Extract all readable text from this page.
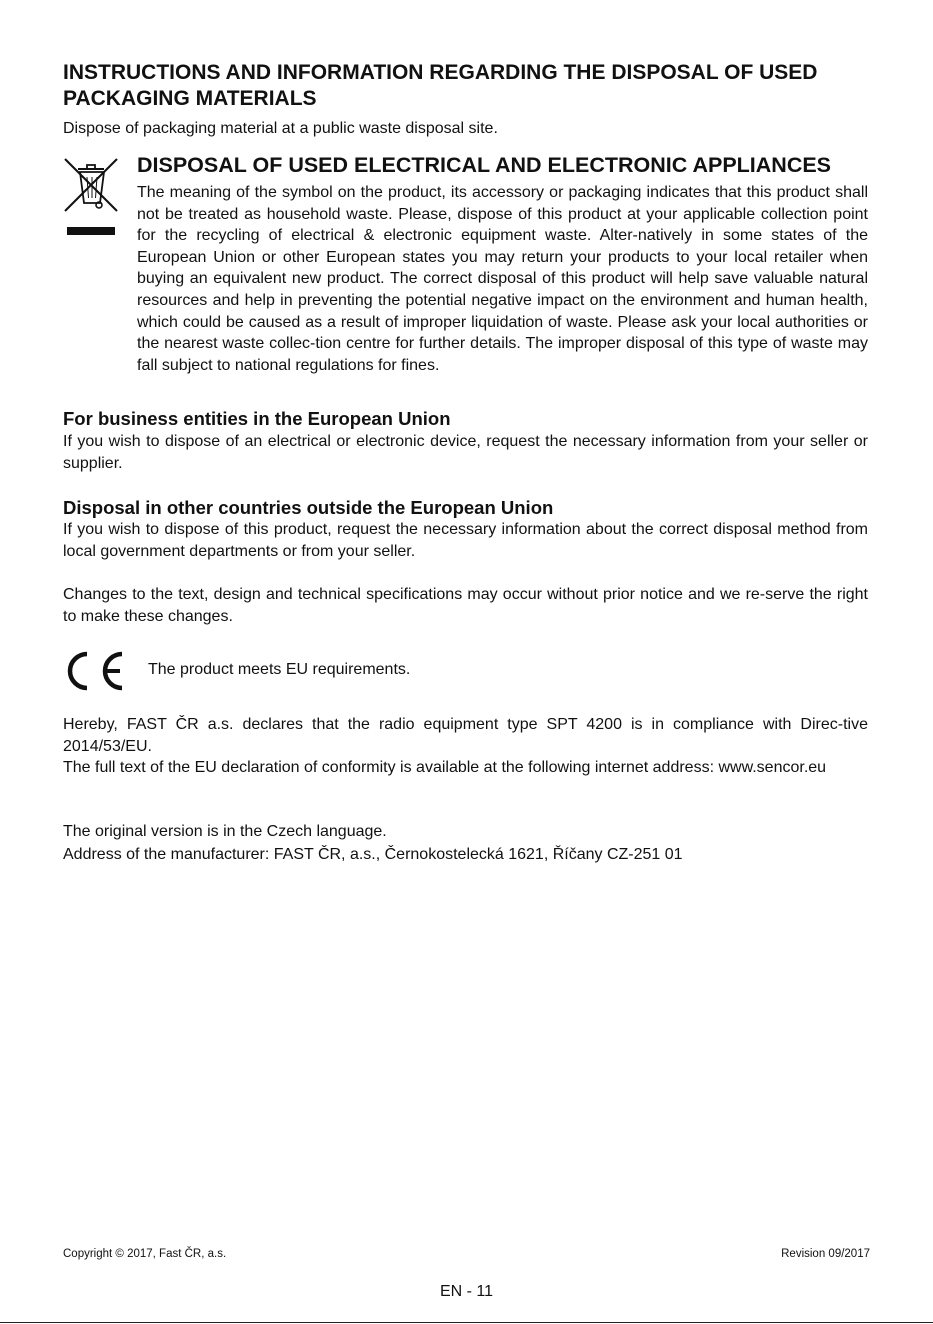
INSTRUCTIONS AND INFORMATION REGARDING THE DISPOSAL OF USED
PACKAGING MATERIALS
Dispose of packaging material at a public waste disposal site.
DISPOSAL OF USED ELECTRICAL AND ELECTRONIC APPLIANCES
The meaning of the symbol on the product, its accessory or packaging indicates that this product shall not be treated as household waste. Please, dispose of this product at your applicable collection point for the recycling of electrical & electronic equipment waste. Alter-natively in some states of the European Union or other European states you may return your products to your local retailer when buying an equivalent new product. The correct disposal of this product will help save valuable natural resources and help in preventing the potential negative impact on the environment and human health, which could be caused as a result of improper liquidation of waste. Please ask your local authorities or the nearest waste collec-tion centre for further details. The improper disposal of this type of waste may fall subject to national regulations for fines.
For business entities in the European Union
If you wish to dispose of an electrical or electronic device, request the necessary information from your seller or supplier.
Disposal in other countries outside the European Union
If you wish to dispose of this product, request the necessary information about the correct disposal method from local government departments or from your seller.
Changes to the text, design and technical specifications may occur without prior notice and we re-serve the right to make these changes.
The product meets EU requirements.
Hereby, FAST ČR a.s. declares that the radio equipment type SPT 4200 is in compliance with Direc-tive 2014/53/EU.
The full text of the EU declaration of conformity is available at the following internet address: www.sencor.eu
The original version is in the Czech language.
Address of the manufacturer: FAST ČR, a.s., Černokostelecká 1621, Říčany CZ-251 01
Copyright © 2017, Fast ČR, a.s.	Revision 09/2017
EN - 11
